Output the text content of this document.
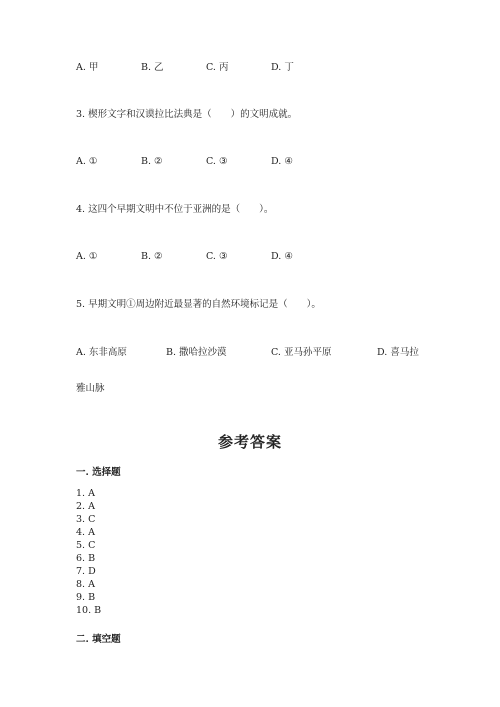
A. 甲	B. 乙	C. 丙	D. 丁
3. 楔形文字和汉谟拉比法典是（　　）的文明成就。
A. ①	B. ②	C. ③	D. ④
4. 这四个早期文明中不位于亚洲的是（　　）。
A. ①	B. ②	C. ③	D. ④
5. 早期文明①周边附近最显著的自然环境标记是（　　）。
A. 东非高原	B. 撒哈拉沙漠	C. 亚马孙平原	D. 喜马拉
雅山脉
参考答案
一. 选择题
1. A
2. A
3. C
4. A
5. C
6. B
7. D
8. A
9. B
10. B
二. 填空题
